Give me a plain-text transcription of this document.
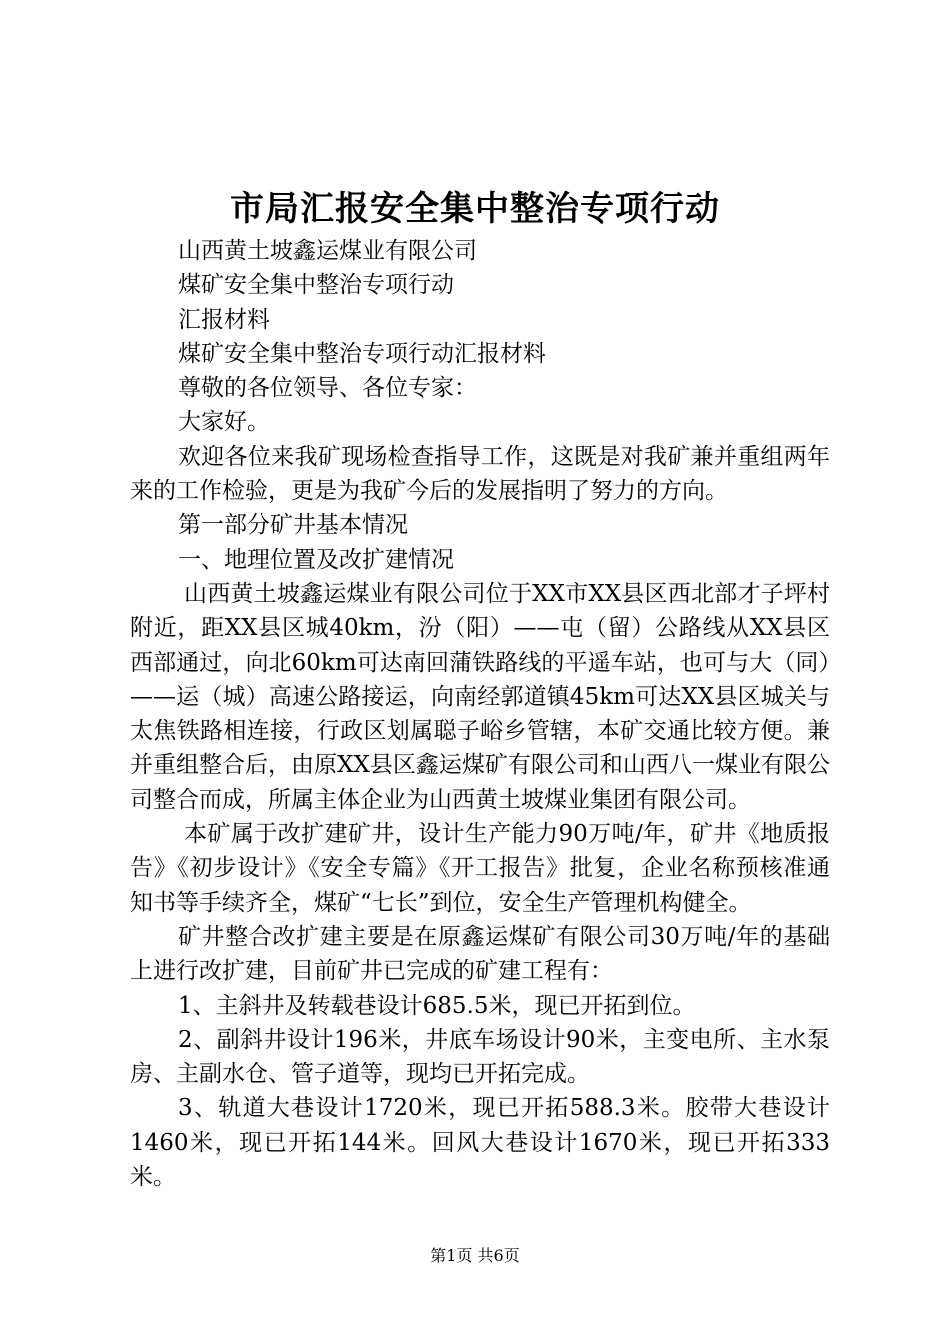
市局汇报安全集中整治专项行动

山西黄土坡鑫运煤业有限公司

煤矿安全集中整治专项行动

汇报材料

煤矿安全集中整治专项行动汇报材料

尊敬的各位领导、各位专家：

大家好。

欢迎各位来我矿现场检查指导工作，这既是对我矿兼并重组两年来的工作检验，更是为我矿今后的发展指明了努力的方向。

第一部分矿井基本情况

一、地理位置及改扩建情况

山西黄土坡鑫运煤业有限公司位于XX市XX县区西北部才子坪村附近，距XX县区城40km，汾（阳）——屯（留）公路线从XX县区西部通过，向北60km可达南回蒲铁路线的平遥车站，也可与大（同）——运（城）高速公路接运，向南经郭道镇45km可达XX县区城关与太焦铁路相连接，行政区划属聪子峪乡管辖，本矿交通比较方便。兼并重组整合后，由原XX县区鑫运煤矿有限公司和山西八一煤业有限公司整合而成，所属主体企业为山西黄土坡煤业集团有限公司。

本矿属于改扩建矿井，设计生产能力90万吨/年，矿井《地质报告》《初步设计》《安全专篇》《开工报告》批复，企业名称预核准通知书等手续齐全，煤矿“七长”到位，安全生产管理机构健全。

矿井整合改扩建主要是在原鑫运煤矿有限公司30万吨/年的基础上进行改扩建，目前矿井已完成的矿建工程有：

1、主斜井及转载巷设计685.5米，现已开拓到位。

2、副斜井设计196米，井底车场设计90米，主变电所、主水泵房、主副水仓、管子道等，现均已开拓完成。

3、轨道大巷设计1720米，现已开拓588.3米。胶带大巷设计1460米，现已开拓144米。回风大巷设计1670米，现已开拓333米。

第1页 共6页
